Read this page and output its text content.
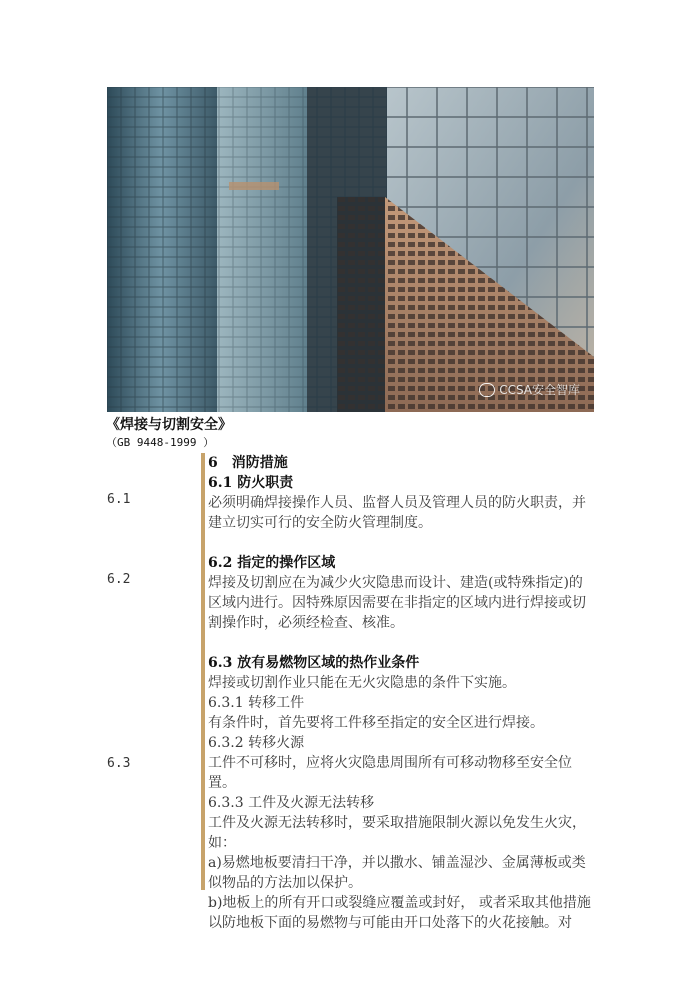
CCSA安全智库
《焊接与切割安全》
（GB 9448-1999 ）
6.1
6.2
6.3

6　消防措施

6.1 防火职责

必须明确焊接操作人员、监督人员及管理人员的防火职责，并建立切实可行的安全防火管理制度。

6.2 指定的操作区域

焊接及切割应在为减少火灾隐患而设计、建造(或特殊指定)的区域内进行。因特殊原因需要在非指定的区域内进行焊接或切割操作时，必须经检查、核准。

6.3 放有易燃物区域的热作业条件

焊接或切割作业只能在无火灾隐患的条件下实施。

6.3.1 转移工件

有条件时，首先要将工件移至指定的安全区进行焊接。

6.3.2 转移火源

工件不可移时，应将火灾隐患周围所有可移动物移至安全位置。

6.3.3 工件及火源无法转移

工件及火源无法转移时，要采取措施限制火源以免发生火灾，如：

a)易燃地板要清扫干净，并以撒水、铺盖湿沙、金属薄板或类似物品的方法加以保护。

b)地板上的所有开口或裂缝应覆盖或封好， 或者采取其他措施以防地板下面的易燃物与可能由开口处落下的火花接触。对
